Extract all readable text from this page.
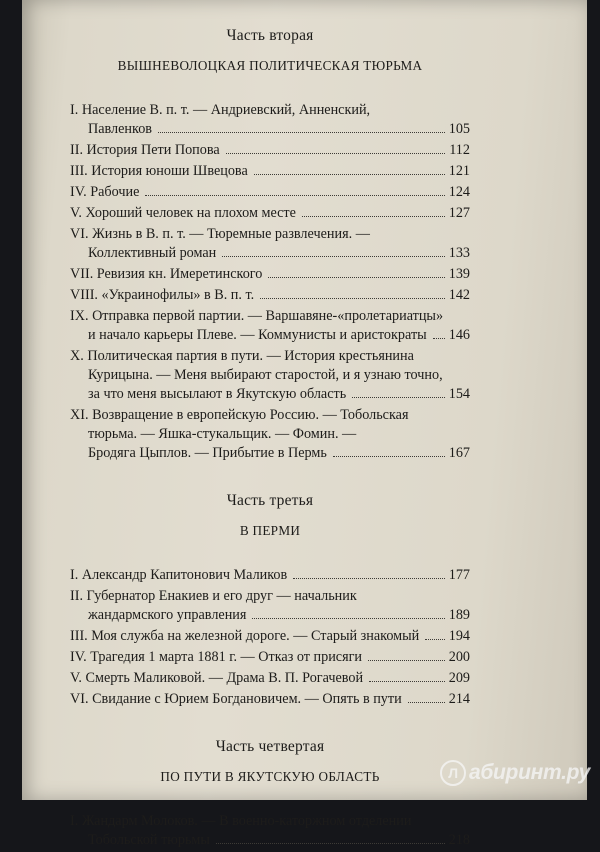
Часть вторая
ВЫШНЕВОЛОЦКАЯ ПОЛИТИЧЕСКАЯ ТЮРЬМА
I. Население В. п. т. — Андриевский, Анненский,
Павленков	105
II. История Пети Попова	112
III. История юноши Швецова	121
IV. Рабочие	124
V. Хороший человек на плохом месте	127
VI. Жизнь в В. п. т. — Тюремные развлечения. —
Коллективный роман	133
VII. Ревизия кн. Имеретинского	139
VIII. «Украинофилы» в В. п. т.	142
IX. Отправка первой партии. — Варшавяне-«пролетариатцы»
и начало карьеры Плеве. — Коммунисты и аристократы 146
X. Политическая партия в пути. — История крестьянина
Курицына. — Меня выбирают старостой, и я узнаю точно,
за что меня высылают в Якутскую область	154
XI. Возвращение в европейскую Россию. — Тобольская
тюрьма. — Яшка-стукальщик. — Фомин. —
Бродяга Цыплов. — Прибытие в Пермь	167
Часть третья
В ПЕРМИ
I. Александр Капитонович Маликов	177
II. Губернатор Енакиев и его друг — начальник
жандармского управления	189
III. Моя служба на железной дороге. — Старый знакомый 194
IV. Трагедия 1 марта 1881 г. — Отказ от присяги	200
V. Смерть Маликовой. — Драма В. П. Рогачевой	209
VI. Свидание с Юрием Богдановичем. — Опять в пути	214
Часть четвертая
ПО ПУТИ В ЯКУТСКУЮ ОБЛАСТЬ
I. Жандарм Молоков. — В военно-каторжном отделении
Тобольской тюрьмы	218
Л абиринт.ру
